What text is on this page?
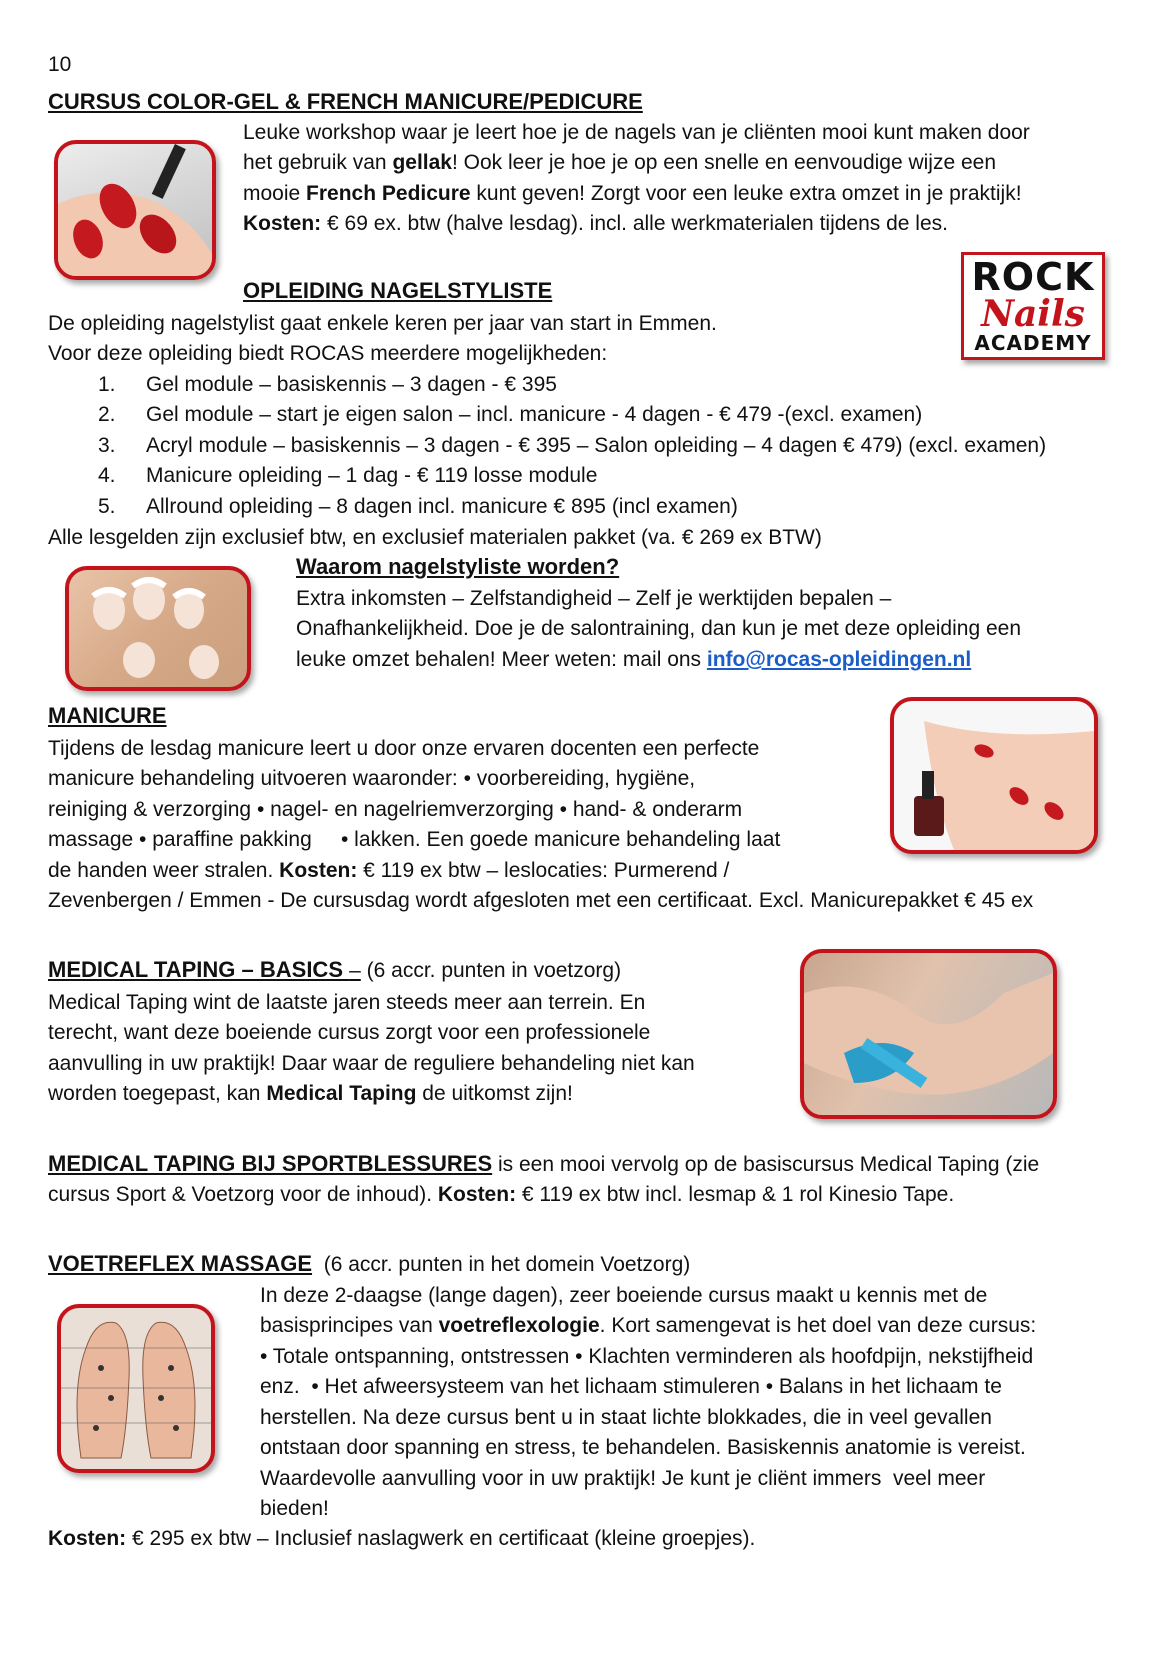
10
CURSUS COLOR-GEL & FRENCH MANICURE/PEDICURE
Leuke workshop waar je leert hoe je de nagels van je cliënten mooi kunt maken door
het gebruik van gellak! Ook leer je hoe je op een snelle en eenvoudige wijze een
mooie French Pedicure kunt geven! Zorgt voor een leuke extra omzet in je praktijk!
Kosten: € 69 ex. btw (halve lesdag). incl. alle werkmaterialen tijdens de les.
ROCK
Nails
ACADEMY
OPLEIDING NAGELSTYLISTE
De opleiding nagelstylist gaat enkele keren per jaar van start in Emmen.
Voor deze opleiding biedt ROCAS meerdere mogelijkheden:
1. Gel module – basiskennis – 3 dagen - € 395
2. Gel module – start je eigen salon – incl. manicure - 4 dagen - € 479 -(excl. examen)
3. Acryl module – basiskennis – 3 dagen - € 395 – Salon opleiding – 4 dagen € 479) (excl. examen)
4. Manicure opleiding – 1 dag - € 119 losse module
5. Allround opleiding – 8 dagen incl. manicure € 895 (incl examen)
Alle lesgelden zijn exclusief btw, en exclusief materialen pakket (va. € 269 ex BTW)
Waarom nagelstyliste worden?
Extra inkomsten – Zelfstandigheid – Zelf je werktijden bepalen –
Onafhankelijkheid. Doe je de salontraining, dan kun je met deze opleiding een
leuke omzet behalen! Meer weten: mail ons info@rocas-opleidingen.nl
MANICURE
Tijdens de lesdag manicure leert u door onze ervaren docenten een perfecte
manicure behandeling uitvoeren waaronder: • voorbereiding, hygiëne,
reiniging & verzorging • nagel- en nagelriemverzorging • hand- & onderarm
massage • paraffine pakking     • lakken. Een goede manicure behandeling laat
de handen weer stralen. Kosten: € 119 ex btw – leslocaties: Purmerend /
Zevenbergen / Emmen - De cursusdag wordt afgesloten met een certificaat. Excl. Manicurepakket € 45 ex
MEDICAL TAPING – BASICS – (6 accr. punten in voetzorg)
Medical Taping wint de laatste jaren steeds meer aan terrein. En
terecht, want deze boeiende cursus zorgt voor een professionele
aanvulling in uw praktijk! Daar waar de reguliere behandeling niet kan
worden toegepast, kan Medical Taping de uitkomst zijn!
MEDICAL TAPING BIJ SPORTBLESSURES is een mooi vervolg op de basiscursus Medical Taping (zie
cursus Sport & Voetzorg voor de inhoud). Kosten: € 119 ex btw incl. lesmap & 1 rol Kinesio Tape.
VOETREFLEX MASSAGE  (6 accr. punten in het domein Voetzorg)
In deze 2-daagse (lange dagen), zeer boeiende cursus maakt u kennis met de
basisprincipes van voetreflexologie. Kort samengevat is het doel van deze cursus:
• Totale ontspanning, ontstressen • Klachten verminderen als hoofdpijn, nekstijfheid
enz.  • Het afweersysteem van het lichaam stimuleren • Balans in het lichaam te
herstellen. Na deze cursus bent u in staat lichte blokkades, die in veel gevallen
ontstaan door spanning en stress, te behandelen. Basiskennis anatomie is vereist.
Waardevolle aanvulling voor in uw praktijk! Je kunt je cliënt immers  veel meer
bieden!
Kosten: € 295 ex btw – Inclusief naslagwerk en certificaat (kleine groepjes).
